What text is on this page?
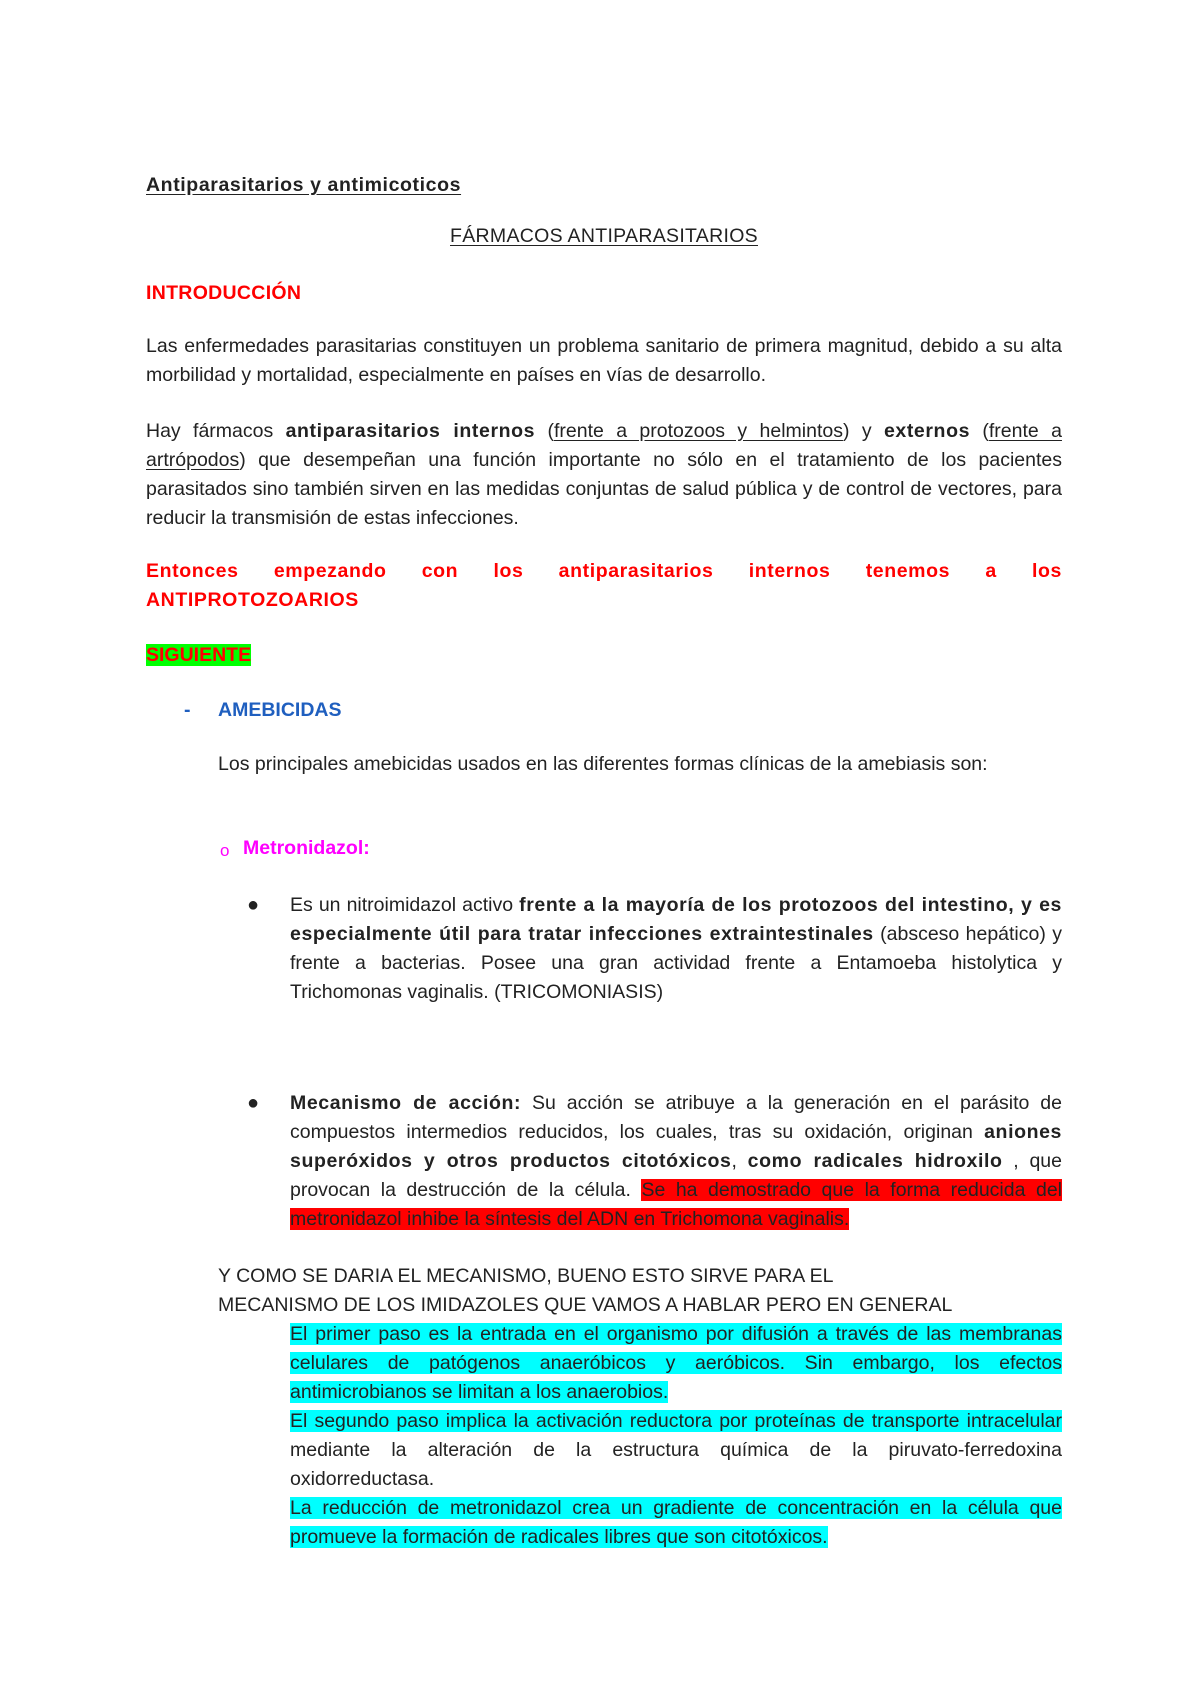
Antiparasitarios y antimicoticos

FÁRMACOS ANTIPARASITARIOS

INTRODUCCIÓN

Las enfermedades parasitarias constituyen un problema sanitario de primera magnitud, debido a su alta morbilidad y mortalidad, especialmente en países en vías de desarrollo.

Hay fármacos antiparasitarios internos (frente a protozoos y helmintos) y externos (frente a artrópodos) que desempeñan una función importante no sólo en el tratamiento de los pacientes parasitados sino también sirven en las medidas conjuntas de salud pública y de control de vectores, para reducir la transmisión de estas infecciones.

Entonces empezando con los antiparasitarios internos tenemos a los
ANTIPROTOZOARIOS

SIGUIENTE

- AMEBICIDAS

Los principales amebicidas usados en las diferentes formas clínicas de la amebiasis son:

o Metronidazol:

● Es un nitroimidazol activo frente a la mayoría de los protozoos del intestino, y es especialmente útil para tratar infecciones extraintestinales (absceso hepático) y frente a bacterias. Posee una gran actividad frente a Entamoeba histolytica y Trichomonas vaginalis. (TRICOMONIASIS)

● Mecanismo de acción: Su acción se atribuye a la generación en el parásito de compuestos intermedios reducidos, los cuales, tras su oxidación, originan aniones superóxidos y otros productos citotóxicos, como radicales hidroxilo , que provocan la destrucción de la célula. Se ha demostrado que la forma reducida del metronidazol inhibe la síntesis del ADN en Trichomona vaginalis.

Y COMO SE DARIA EL MECANISMO, BUENO ESTO SIRVE PARA EL
MECANISMO DE LOS IMIDAZOLES QUE VAMOS A HABLAR PERO EN GENERAL

El primer paso es la entrada en el organismo por difusión a través de las membranas celulares de patógenos anaeróbicos y aeróbicos. Sin embargo, los efectos antimicrobianos se limitan a los anaerobios.

El segundo paso implica la activación reductora por proteínas de transporte intracelular mediante la alteración de la estructura química de la piruvato-ferredoxina oxidorreductasa.

La reducción de metronidazol crea un gradiente de concentración en la célula que promueve la formación de radicales libres que son citotóxicos.
